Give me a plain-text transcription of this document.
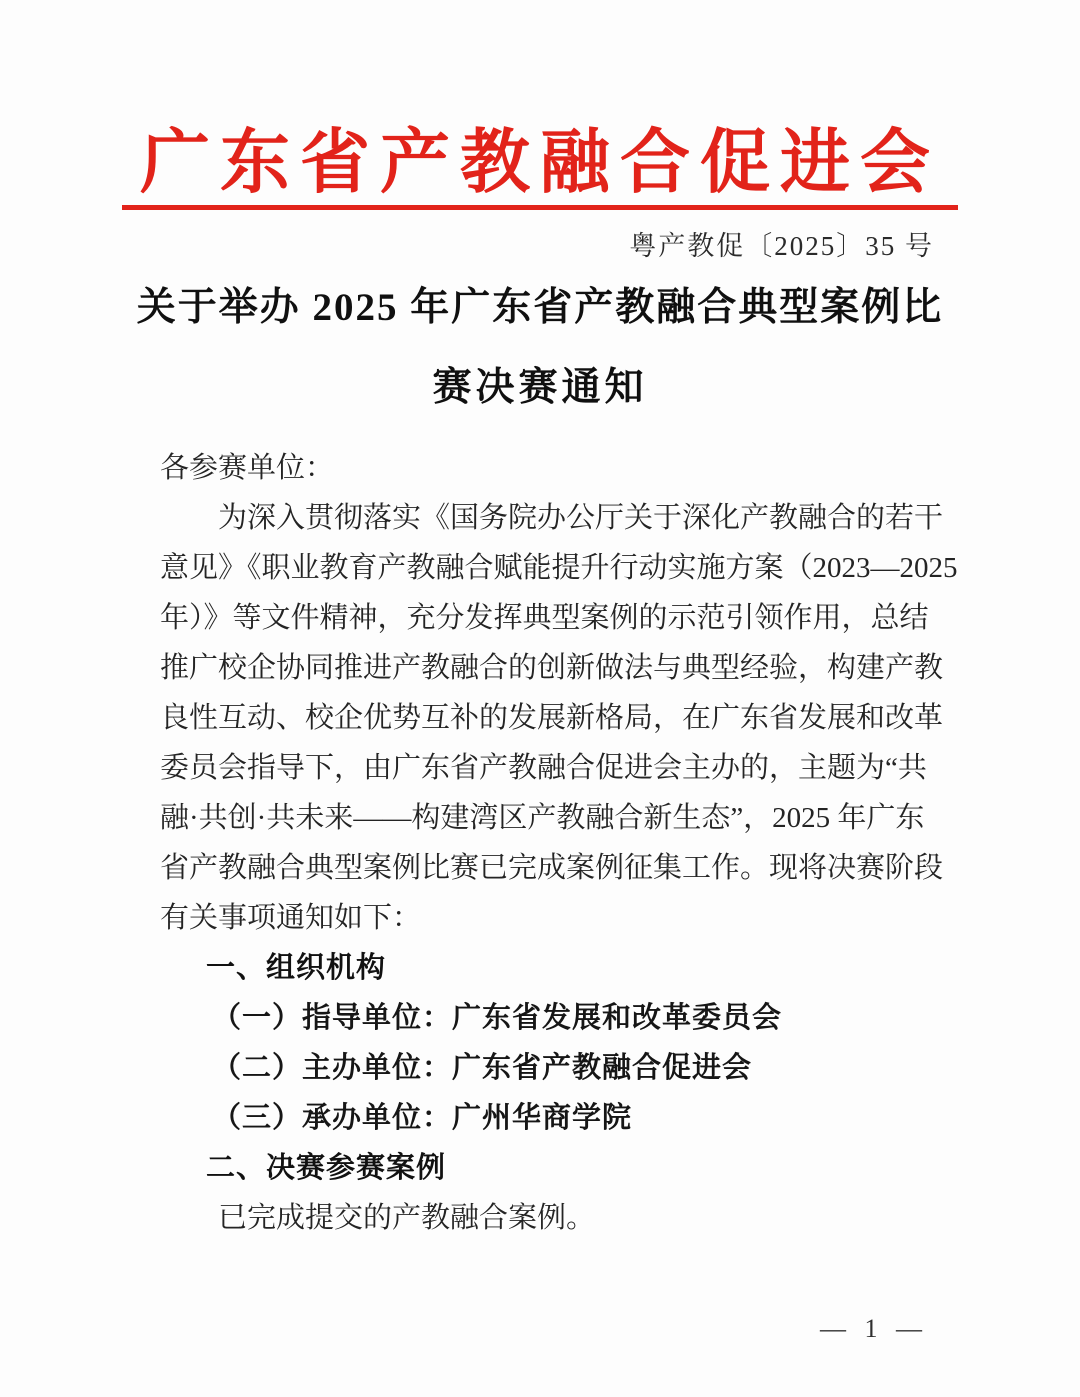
广东省产教融合促进会
粤产教促〔2025〕35 号
关于举办 2025 年广东省产教融合典型案例比
赛决赛通知
各参赛单位：
为深入贯彻落实《国务院办公厅关于深化产教融合的若干
意见》《职业教育产教融合赋能提升行动实施方案（2023—2025
年）》等文件精神，充分发挥典型案例的示范引领作用，总结
推广校企协同推进产教融合的创新做法与典型经验，构建产教
良性互动、校企优势互补的发展新格局，在广东省发展和改革
委员会指导下，由广东省产教融合促进会主办的，主题为“共
融·共创·共未来——构建湾区产教融合新生态”，2025 年广东
省产教融合典型案例比赛已完成案例征集工作。现将决赛阶段
有关事项通知如下：
一、组织机构
（一）指导单位：广东省发展和改革委员会
（二）主办单位：广东省产教融合促进会
（三）承办单位：广州华商学院
二、决赛参赛案例
已完成提交的产教融合案例。
— 1 —
